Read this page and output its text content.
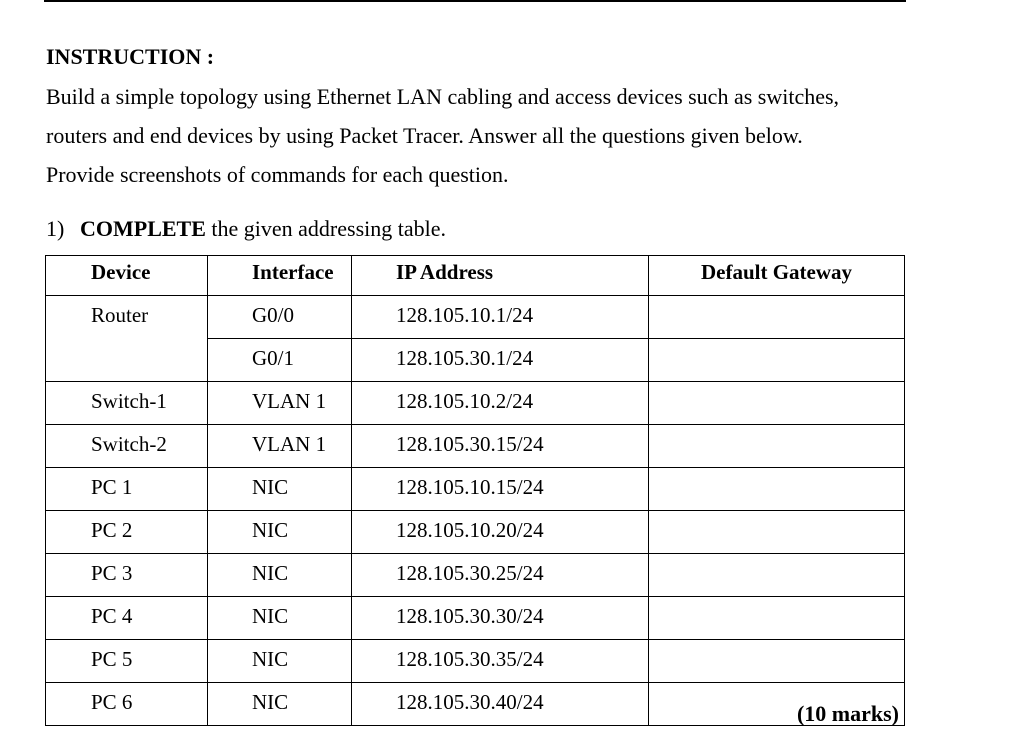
INSTRUCTION :
Build a simple topology using Ethernet LAN cabling and access devices such as switches,
routers and end devices by using Packet Tracer. Answer all the questions given below.
Provide screenshots of commands for each question.
1) COMPLETE the given addressing table.
Device	Interface	IP Address	Default Gateway
Router	G0/0	128.105.10.1/24	
	G0/1	128.105.30.1/24	
Switch-1	VLAN 1	128.105.10.2/24	
Switch-2	VLAN 1	128.105.30.15/24	
PC 1	NIC	128.105.10.15/24	
PC 2	NIC	128.105.10.20/24	
PC 3	NIC	128.105.30.25/24	
PC 4	NIC	128.105.30.30/24	
PC 5	NIC	128.105.30.35/24	
PC 6	NIC	128.105.30.40/24		(10 marks)
